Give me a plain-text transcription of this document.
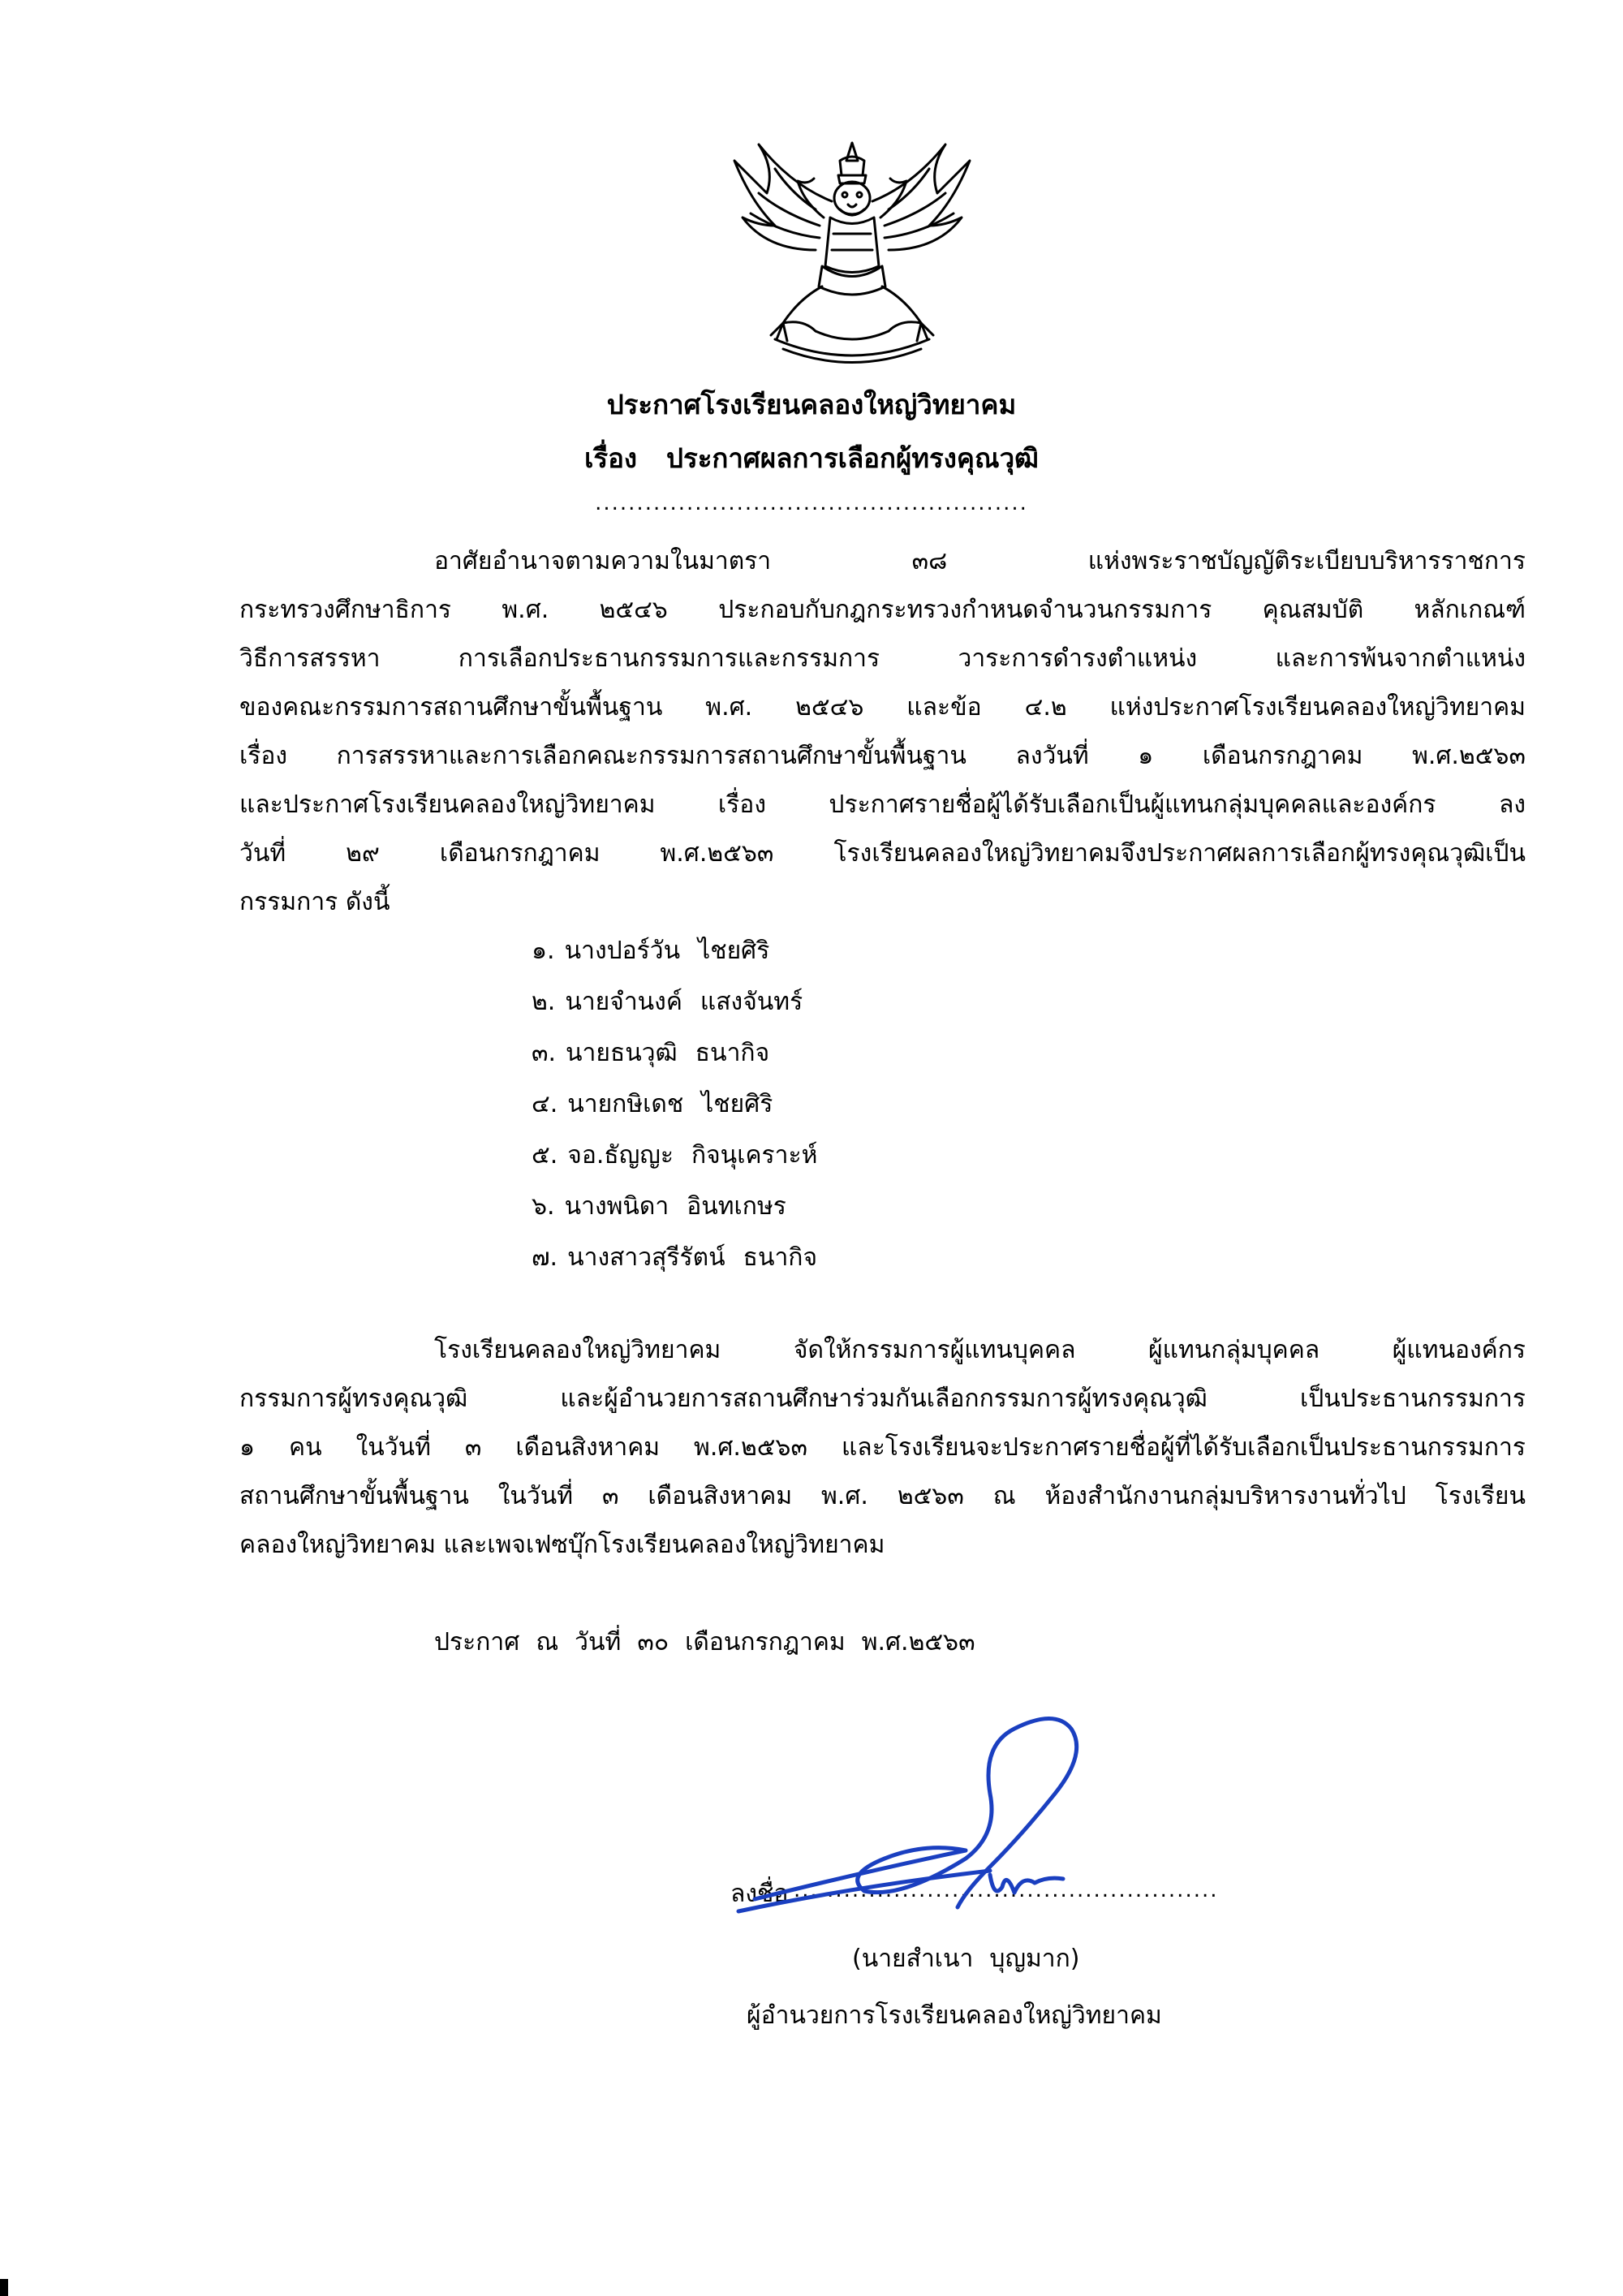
ประกาศโรงเรียนคลองใหญ่วิทยาคม
เรื่อง ประกาศผลการเลือกผู้ทรงคุณวุฒิ
....................................................
อาศัยอำนาจตามความในมาตรา ๓๘ แห่งพระราชบัญญัติระเบียบบริหารราชการ
กระทรวงศึกษาธิการ พ.ศ. ๒๕๔๖ ประกอบกับกฎกระทรวงกำหนดจำนวนกรรมการ คุณสมบัติ หลักเกณฑ์
วิธีการสรรหา การเลือกประธานกรรมการและกรรมการ วาระการดำรงตำแหน่ง และการพ้นจากตำแหน่ง
ของคณะกรรมการสถานศึกษาขั้นพื้นฐาน พ.ศ. ๒๕๔๖ และข้อ ๔.๒ แห่งประกาศโรงเรียนคลองใหญ่วิทยาคม
เรื่อง การสรรหาและการเลือกคณะกรรมการสถานศึกษาขั้นพื้นฐาน ลงวันที่ ๑ เดือนกรกฎาคม พ.ศ.๒๕๖๓
และประกาศโรงเรียนคลองใหญ่วิทยาคม เรื่อง ประกาศรายชื่อผู้ได้รับเลือกเป็นผู้แทนกลุ่มบุคคลและองค์กร ลง
วันที่ ๒๙ เดือนกรกฎาคม พ.ศ.๒๕๖๓ โรงเรียนคลองใหญ่วิทยาคมจึงประกาศผลการเลือกผู้ทรงคุณวุฒิเป็น
กรรมการ ดังนี้
๑. นางปอร์วัน ไชยศิริ
๒. นายจำนงค์ แสงจันทร์
๓. นายธนวุฒิ ธนากิจ
๔. นายกษิเดช ไชยศิริ
๕. จอ.ธัญญะ กิจนุเคราะห์
๖. นางพนิดา อินทเกษร
๗. นางสาวสุรีรัตน์ ธนากิจ
โรงเรียนคลองใหญ่วิทยาคม จัดให้กรรมการผู้แทนบุคคล ผู้แทนกลุ่มบุคคล ผู้แทนองค์กร
กรรมการผู้ทรงคุณวุฒิ และผู้อำนวยการสถานศึกษาร่วมกันเลือกกรรมการผู้ทรงคุณวุฒิ เป็นประธานกรรมการ
๑ คน ในวันที่ ๓ เดือนสิงหาคม พ.ศ.๒๕๖๓ และโรงเรียนจะประกาศรายชื่อผู้ที่ได้รับเลือกเป็นประธานกรรมการ
สถานศึกษาขั้นพื้นฐาน ในวันที่ ๓ เดือนสิงหาคม พ.ศ. ๒๕๖๓ ณ ห้องสำนักงานกลุ่มบริหารงานทั่วไป โรงเรียน
คลองใหญ่วิทยาคม และเพจเฟซบุ๊กโรงเรียนคลองใหญ่วิทยาคม
ประกาศ ณ วันที่ ๓๐ เดือนกรกฎาคม พ.ศ.๒๕๖๓
ลงชื่อ ...................................................
(นายสำเนา บุญมาก)
ผู้อำนวยการโรงเรียนคลองใหญ่วิทยาคม
